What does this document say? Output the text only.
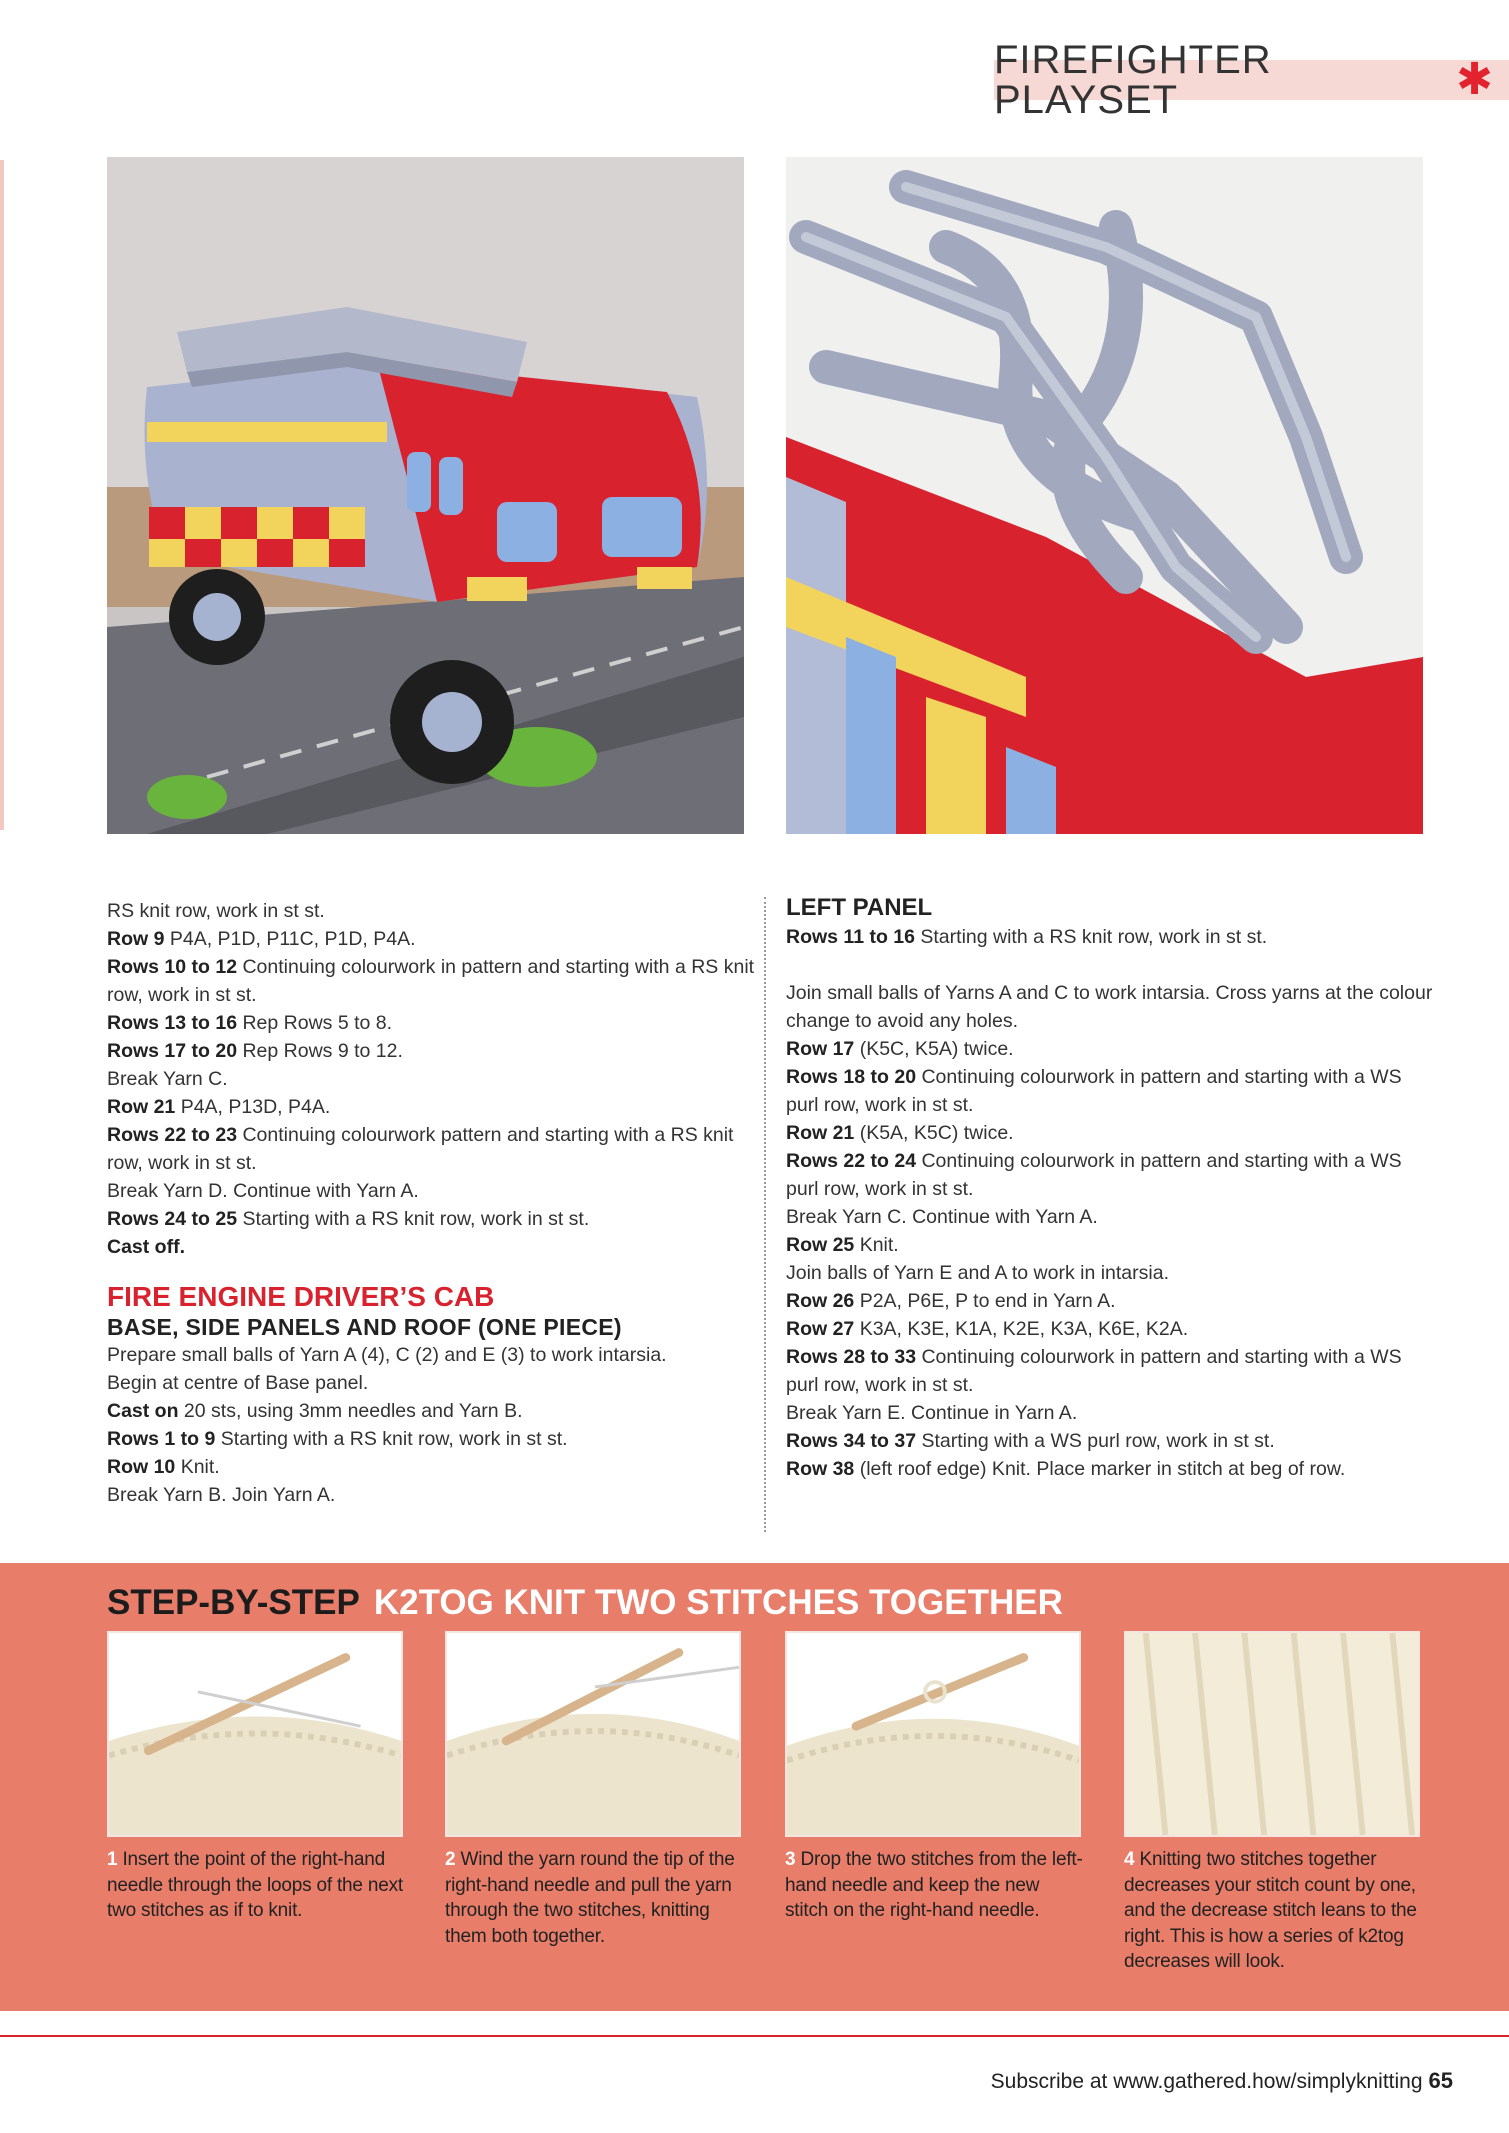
FIREFIGHTER PLAYSET	✱

RS knit row, work in st st.

Row 9 P4A, P1D, P11C, P1D, P4A.

Rows 10 to 12 Continuing colourwork in pattern and starting with a RS knit row, work in st st.

Rows 13 to 16 Rep Rows 5 to 8.

Rows 17 to 20 Rep Rows 9 to 12.

Break Yarn C.

Row 21 P4A, P13D, P4A.

Rows 22 to 23 Continuing colourwork pattern and starting with a RS knit row, work in st st.

Break Yarn D. Continue with Yarn A.

Rows 24 to 25 Starting with a RS knit row, work in st st.

Cast off.

FIRE ENGINE DRIVER’S CAB

BASE, SIDE PANELS AND ROOF (ONE PIECE)

Prepare small balls of Yarn A (4), C (2) and E (3) to work intarsia.

Begin at centre of Base panel.

Cast on 20 sts, using 3mm needles and Yarn B.

Rows 1 to 9 Starting with a RS knit row, work in st st.

Row 10 Knit.

Break Yarn B. Join Yarn A.

LEFT PANEL

Rows 11 to 16 Starting with a RS knit row, work in st st.

Join small balls of Yarns A and C to work intarsia. Cross yarns at the colour change to avoid any holes.

Row 17 (K5C, K5A) twice.

Rows 18 to 20 Continuing colourwork in pattern and starting with a WS purl row, work in st st.

Row 21 (K5A, K5C) twice.

Rows 22 to 24 Continuing colourwork in pattern and starting with a WS purl row, work in st st.

Break Yarn C. Continue with Yarn A.

Row 25 Knit.

Join balls of Yarn E and A to work in intarsia.

Row 26 P2A, P6E, P to end in Yarn A.

Row 27 K3A, K3E, K1A, K2E, K3A, K6E, K2A.

Rows 28 to 33 Continuing colourwork in pattern and starting with a WS purl row, work in st st.

Break Yarn E. Continue in Yarn A.

Rows 34 to 37 Starting with a WS purl row, work in st st.

Row 38 (left roof edge) Knit. Place marker in stitch at beg of row.

STEP-BY-STEP K2TOG KNIT TWO STITCHES TOGETHER
1 Insert the point of the right-hand needle through the loops of the next two stitches as if to knit.
2 Wind the yarn round the tip of the right-hand needle and pull the yarn through the two stitches, knitting them both together.
3 Drop the two stitches from the left-hand needle and keep the new stitch on the right-hand needle.
4 Knitting two stitches together decreases your stitch count by one, and the decrease stitch leans to the right. This is how a series of k2tog decreases will look.
Subscribe at www.gathered.how/simplyknitting 65
